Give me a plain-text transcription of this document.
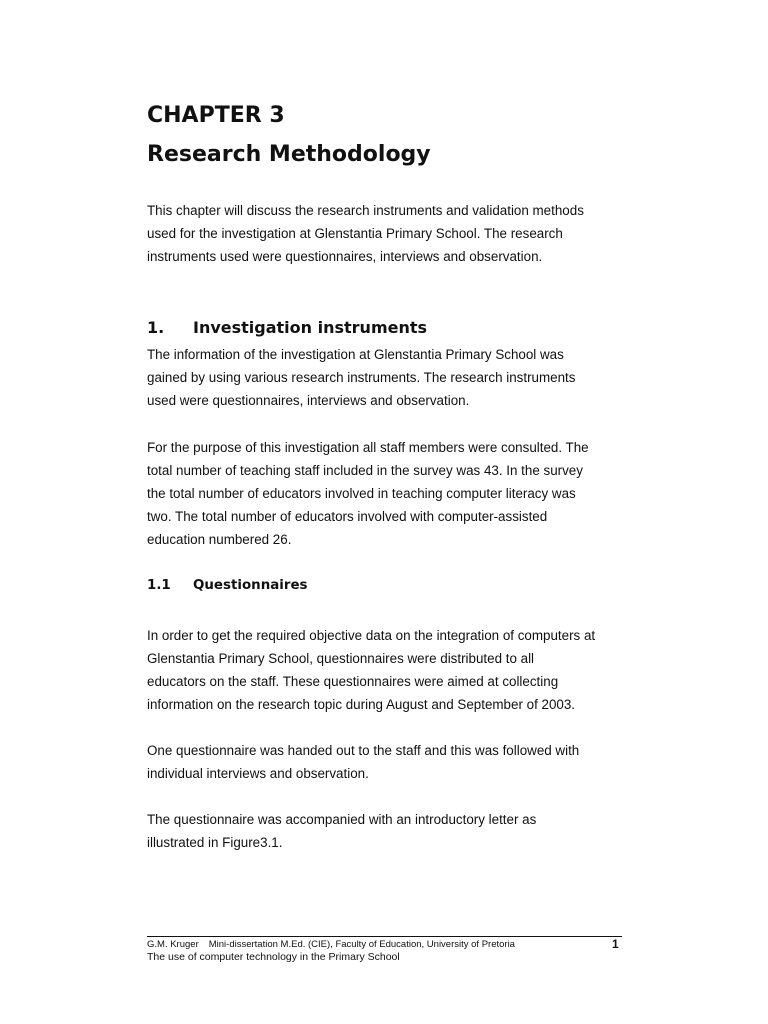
CHAPTER 3
Research Methodology

This chapter will discuss the research instruments and validation methods
used for the investigation at Glenstantia Primary School. The research
instruments used were questionnaires, interviews and observation.

1. Investigation instruments

The information of the investigation at Glenstantia Primary School was
gained by using various research instruments. The research instruments
used were questionnaires, interviews and observation.

For the purpose of this investigation all staff members were consulted. The
total number of teaching staff included in the survey was 43. In the survey
the total number of educators involved in teaching computer literacy was
two. The total number of educators involved with computer-assisted
education numbered 26.

1.1 Questionnaires

In order to get the required objective data on the integration of computers at
Glenstantia Primary School, questionnaires were distributed to all
educators on the staff. These questionnaires were aimed at collecting
information on the research topic during August and September of 2003.

One questionnaire was handed out to the staff and this was followed with
individual interviews and observation.

The questionnaire was accompanied with an introductory letter as
illustrated in Figure3.1.

G.M. Kruger Mini-dissertation M.Ed. (CIE), Faculty of Education, University of Pretoria	1
The use of computer technology in the Primary School
